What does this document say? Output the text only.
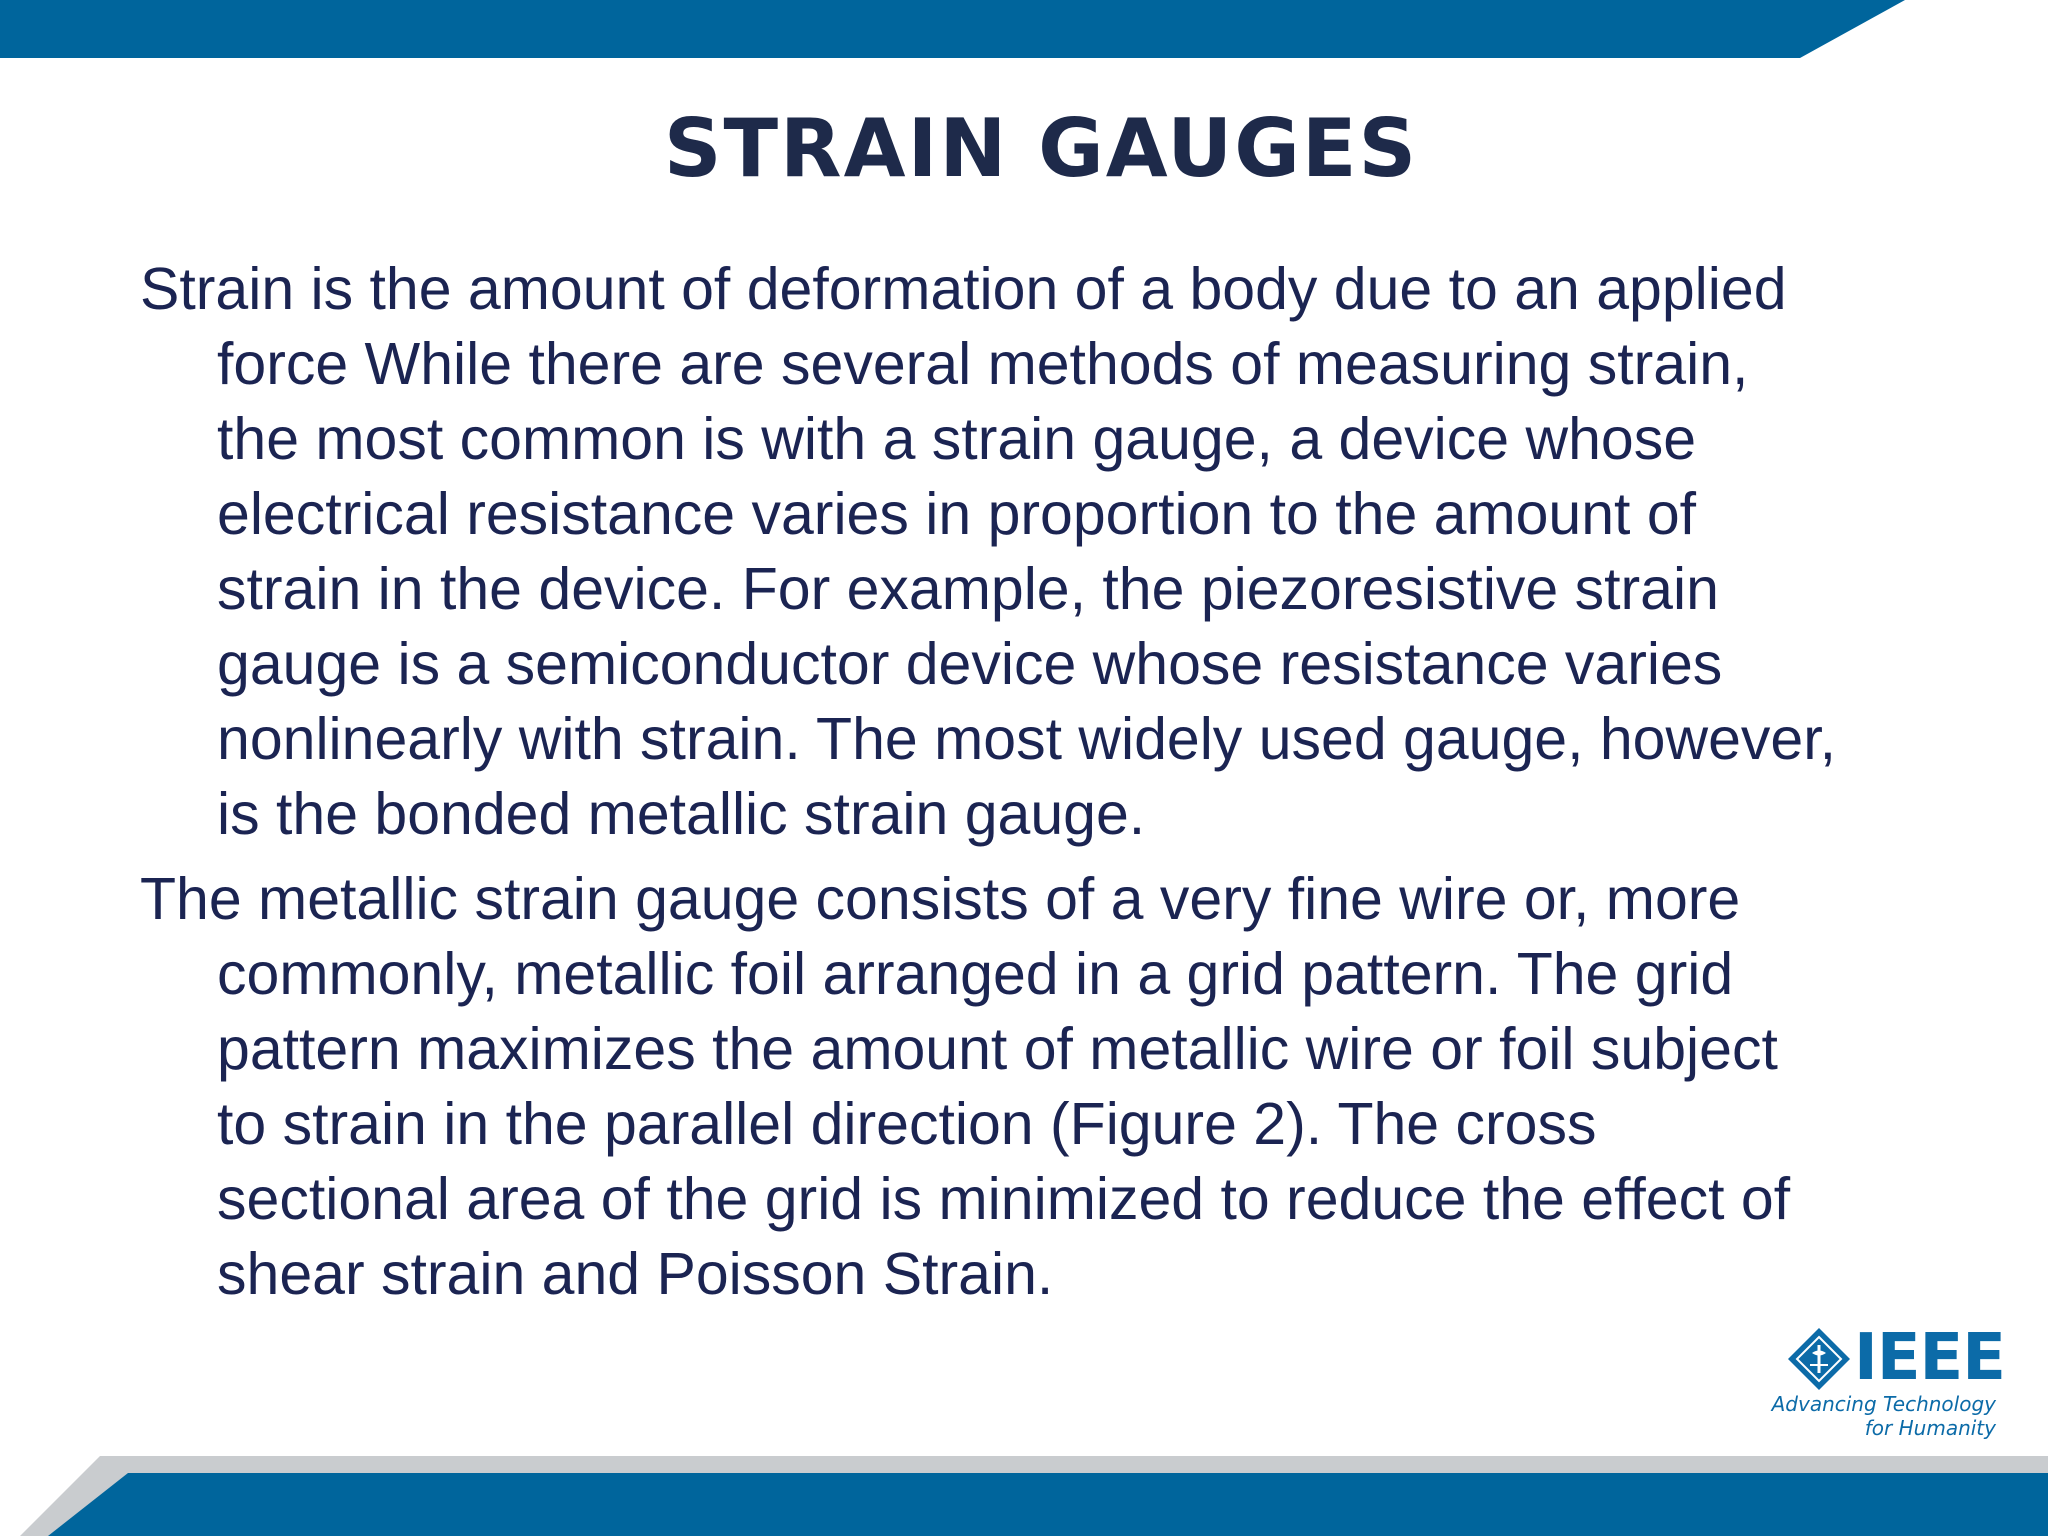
STRAIN GAUGES

Strain is the amount of deformation of a body due to an applied
force While there are several methods of measuring strain,
the most common is with a strain gauge, a device whose
electrical resistance varies in proportion to the amount of
strain in the device. For example, the piezoresistive strain
gauge is a semiconductor device whose resistance varies
nonlinearly with strain. The most widely used gauge, however,
is the bonded metallic strain gauge.

The metallic strain gauge consists of a very fine wire or, more
commonly, metallic foil arranged in a grid pattern. The grid
pattern maximizes the amount of metallic wire or foil subject
to strain in the parallel direction (Figure 2). The cross
sectional area of the grid is minimized to reduce the effect of
shear strain and Poisson Strain.

IEEE
Advancing Technology
for Humanity
